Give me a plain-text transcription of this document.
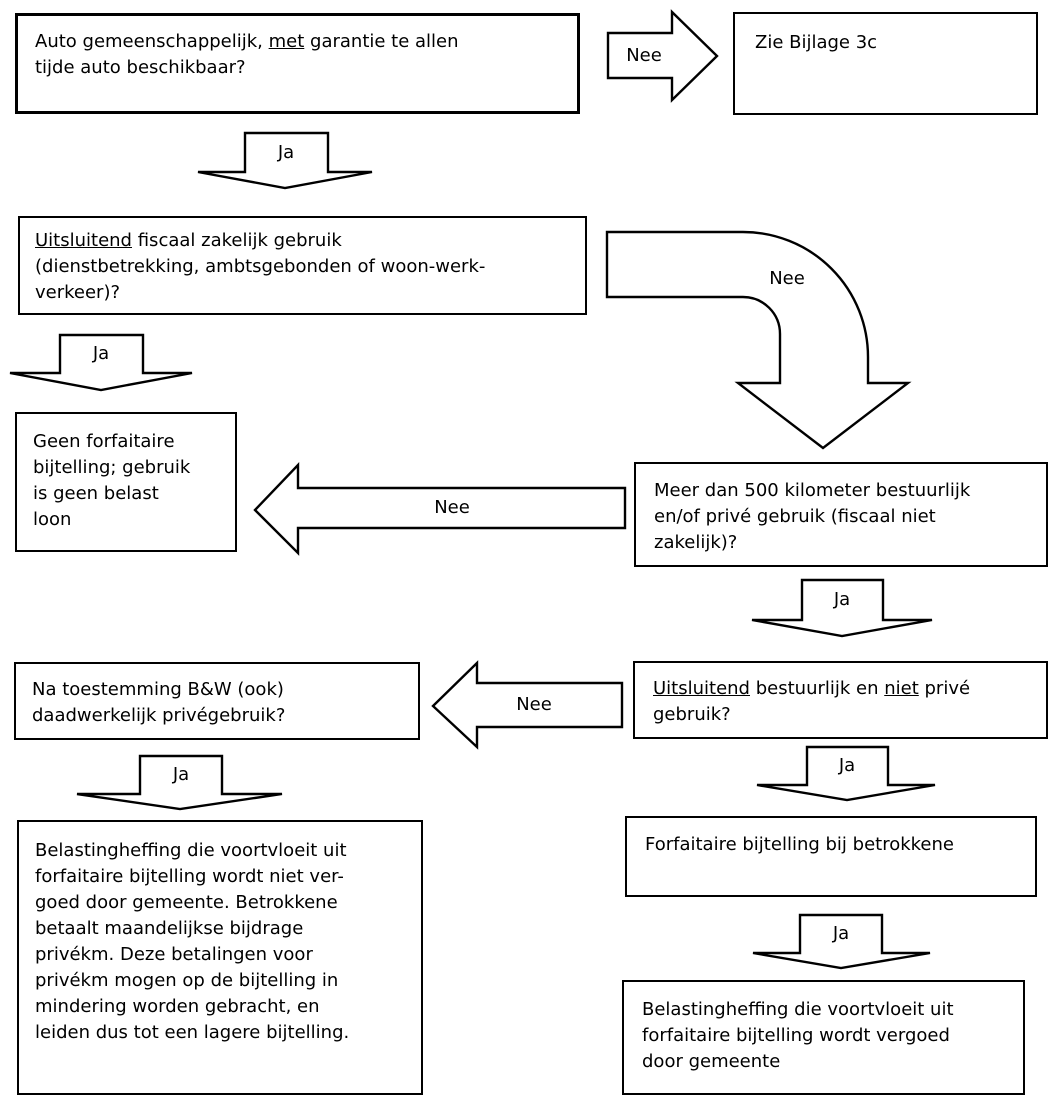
Nee
Nee
Nee
Nee
Ja
Ja
Ja
Ja	Ja
Ja
Auto gemeenschappelijk, met garantie te allen
tijde auto beschikbaar?
Zie Bijlage 3c
Uitsluitend fiscaal zakelijk gebruik
(dienstbetrekking, ambtsgebonden of woon-werk-
verkeer)?
Geen forfaitaire
bijtelling; gebruik
is geen belast
loon
Meer dan 500 kilometer bestuurlijk
en/of privé gebruik (fiscaal niet
zakelijk)?
Uitsluitend bestuurlijk en niet privé
gebruik?
Na toestemming B&W (ook)
daadwerkelijk privégebruik?
Forfaitaire bijtelling bij betrokkene
Belastingheffing die voortvloeit uit
forfaitaire bijtelling wordt vergoed
door gemeente
Belastingheffing die voortvloeit uit
forfaitaire bijtelling wordt niet ver-
goed door gemeente. Betrokkene
betaalt maandelijkse bijdrage
privékm. Deze betalingen voor
privékm mogen op de bijtelling in
mindering worden gebracht, en
leiden dus tot een lagere bijtelling.
